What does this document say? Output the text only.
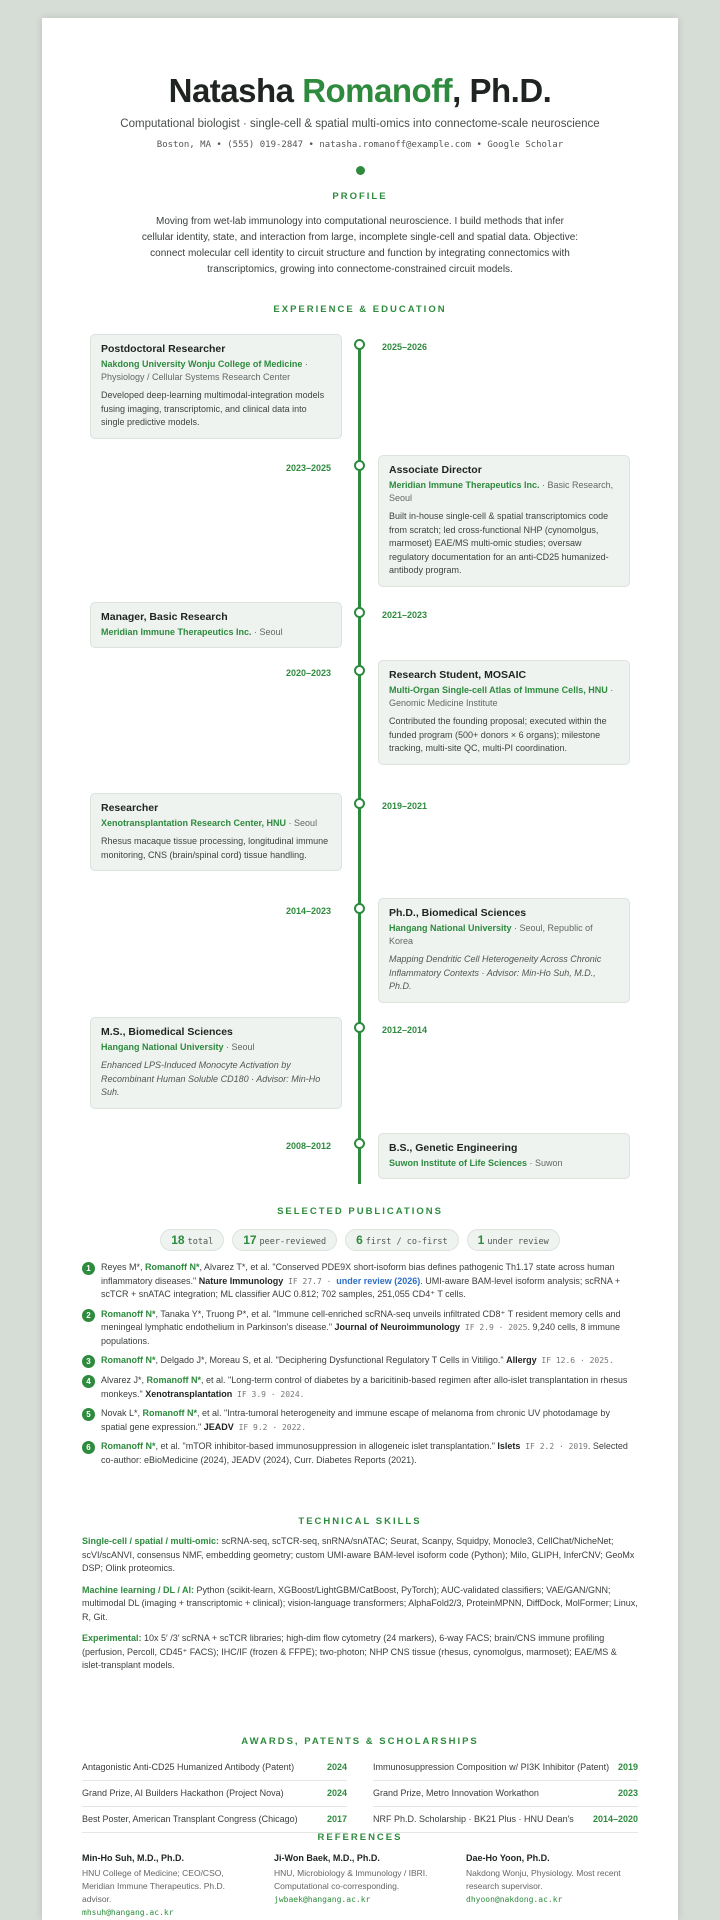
Natasha Romanoff, Ph.D.
Computational biologist · single-cell & spatial multi-omics into connectome-scale neuroscience
Boston, MA • (555) 019-2847 • natasha.romanoff@example.com • Google Scholar
PROFILE

Moving from wet-lab immunology into computational neuroscience. I build methods that infer cellular identity, state, and interaction from large, incomplete single-cell and spatial data. Objective: connect molecular cell identity to circuit structure and function by integrating connectomics with transcriptomics, growing into connectome-constrained circuit models.

EXPERIENCE & EDUCATION
2025–2026
Postdoctoral Researcher
Nakdong University Wonju College of Medicine · Physiology / Cellular Systems Research Center
Developed deep-learning multimodal-integration models fusing imaging, transcriptomic, and clinical data into single predictive models.
2023–2025	Associate Director
Meridian Immune Therapeutics Inc. · Basic Research, Seoul
Built in-house single-cell & spatial transcriptomics code from scratch; led cross-functional NHP (cynomolgus, marmoset) EAE/MS multi-omic studies; oversaw regulatory documentation for an anti-CD25 humanized-antibody program.
2021–2023
Manager, Basic Research
Meridian Immune Therapeutics Inc. · Seoul
2020–2023	Research Student, MOSAIC
Multi-Organ Single-cell Atlas of Immune Cells, HNU · Genomic Medicine Institute
Contributed the founding proposal; executed within the funded program (500+ donors × 6 organs); milestone tracking, multi-site QC, multi-PI coordination.
2019–2021
Researcher
Xenotransplantation Research Center, HNU · Seoul
Rhesus macaque tissue processing, longitudinal immune monitoring, CNS (brain/spinal cord) tissue handling.
2014–2023	Ph.D., Biomedical Sciences
Hangang National University · Seoul, Republic of Korea
Mapping Dendritic Cell Heterogeneity Across Chronic Inflammatory Contexts · Advisor: Min-Ho Suh, M.D., Ph.D.
2012–2014
M.S., Biomedical Sciences
Hangang National University · Seoul
Enhanced LPS-Induced Monocyte Activation by Recombinant Human Soluble CD180 · Advisor: Min-Ho Suh.
2008–2012	B.S., Genetic Engineering
Suwon Institute of Life Sciences · Suwon
SELECTED PUBLICATIONS
18 total	17 peer-reviewed	6 first / co-first	1 under review
1	Reyes M*, Romanoff N*, Alvarez T*, et al. "Conserved PDE9X short-isoform bias defines pathogenic Th1.17 state across human inflammatory diseases." Nature Immunology IF 27.7 · under review (2026). UMI-aware BAM-level isoform analysis; scRNA + scTCR + snATAC integration; ML classifier AUC 0.812; 702 samples, 251,055 CD4⁺ T cells.
2	Romanoff N*, Tanaka Y*, Truong P*, et al. "Immune cell-enriched scRNA-seq unveils infiltrated CD8⁺ T resident memory cells and meningeal lymphatic endothelium in Parkinson's disease." Journal of Neuroimmunology IF 2.9 · 2025. 9,240 cells, 8 immune populations.
3	Romanoff N*, Delgado J*, Moreau S, et al. "Deciphering Dysfunctional Regulatory T Cells in Vitiligo." Allergy IF 12.6 · 2025.
4	Alvarez J*, Romanoff N*, et al. "Long-term control of diabetes by a baricitinib-based regimen after allo-islet transplantation in rhesus monkeys." Xenotransplantation IF 3.9 · 2024.
5	Novak L*, Romanoff N*, et al. "Intra-tumoral heterogeneity and immune escape of melanoma from chronic UV photodamage by spatial gene expression." JEADV IF 9.2 · 2022.
6	Romanoff N*, et al. "mTOR inhibitor-based immunosuppression in allogeneic islet transplantation." Islets IF 2.2 · 2019. Selected co-author: eBioMedicine (2024), JEADV (2024), Curr. Diabetes Reports (2021).
TECHNICAL SKILLS
Single-cell / spatial / multi-omic: scRNA-seq, scTCR-seq, snRNA/snATAC; Seurat, Scanpy, Squidpy, Monocle3, CellChat/NicheNet; scVI/scANVI, consensus NMF, embedding geometry; custom UMI-aware BAM-level isoform code (Python); Milo, GLIPH, InferCNV; GeoMx DSP; Olink proteomics.
Machine learning / DL / AI: Python (scikit-learn, XGBoost/LightGBM/CatBoost, PyTorch); AUC-validated classifiers; VAE/GAN/GNN; multimodal DL (imaging + transcriptomic + clinical); vision-language transformers; AlphaFold2/3, ProteinMPNN, DiffDock, MolFormer; Linux, R, Git.
Experimental: 10x 5′ /3′ scRNA + scTCR libraries; high-dim flow cytometry (24 markers), 6-way FACS; brain/CNS immune profiling (perfusion, Percoll, CD45⁺ FACS); IHC/IF (frozen & FFPE); two-photon; NHP CNS tissue (rhesus, cynomolgus, marmoset); EAE/MS & islet-transplant models.
AWARDS, PATENTS & SCHOLARSHIPS
Antagonistic Anti-CD25 Humanized Antibody (Patent)	2024	Immunosuppression Composition w/ PI3K Inhibitor (Patent) 2019
Grand Prize, AI Builders Hackathon (Project Nova)	2024	Grand Prize, Metro Innovation Workathon	2023
Best Poster, American Transplant Congress (Chicago)	2017	NRF Ph.D. Scholarship · BK21 Plus · HNU Dean's 2014–2020
REFERENCES
Min-Ho Suh, M.D., Ph.D.
HNU College of Medicine; CEO/CSO, Meridian Immune Therapeutics. Ph.D. advisor.
mhsuh@hangang.ac.kr
Ji-Won Baek, M.D., Ph.D.
HNU, Microbiology & Immunology / IBRI. Computational co-corresponding.
jwbaek@hangang.ac.kr
Dae-Ho Yoon, Ph.D.
Nakdong Wonju, Physiology. Most recent research supervisor.
dhyoon@nakdong.ac.kr
